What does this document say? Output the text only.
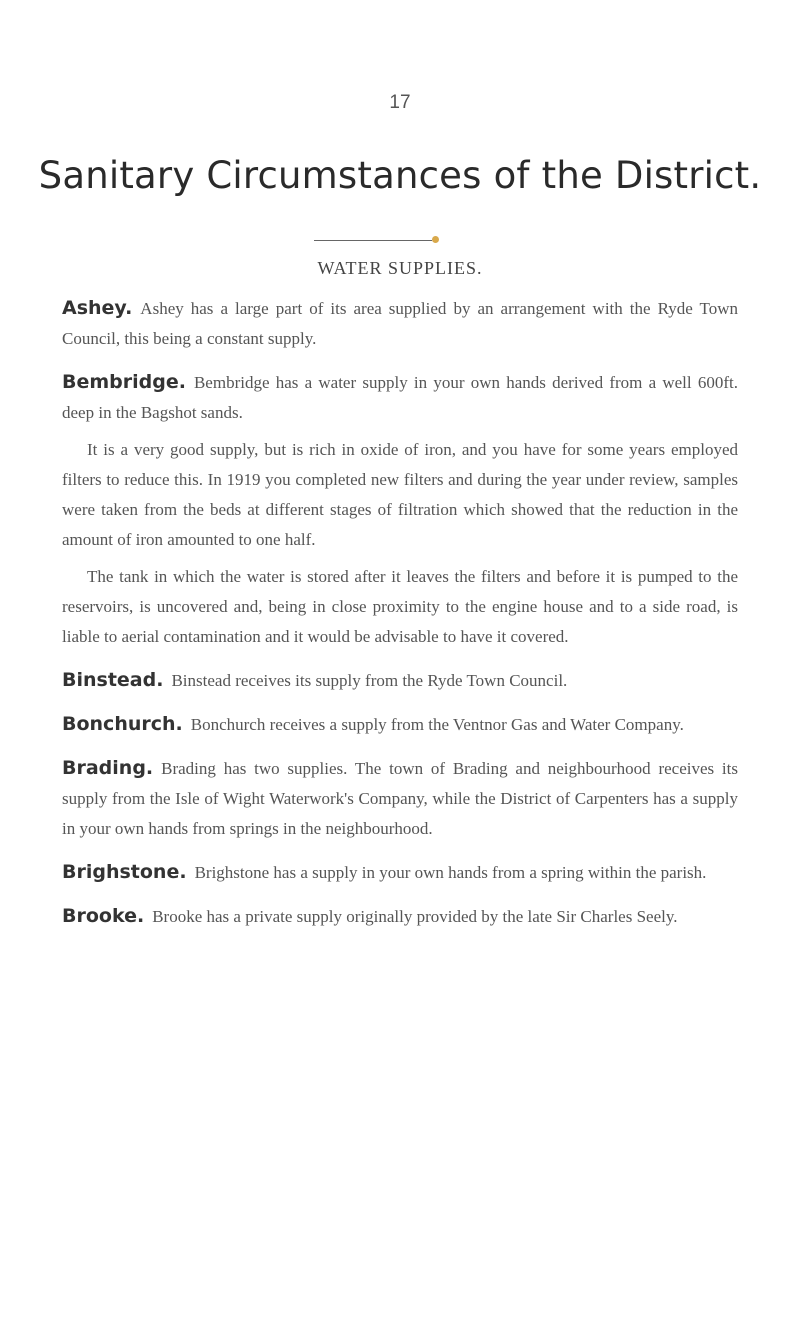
17
Sanitary Circumstances of the District.
WATER SUPPLIES.

Ashey. Ashey has a large part of its area supplied by an arrangement with the Ryde Town Council, this being a constant supply.

Bembridge. Bembridge has a water supply in your own hands derived from a well 600ft. deep in the Bagshot sands.

It is a very good supply, but is rich in oxide of iron, and you have for some years employed filters to reduce this. In 1919 you completed new filters and during the year under review, samples were taken from the beds at different stages of filtration which showed that the reduction in the amount of iron amounted to one half.

The tank in which the water is stored after it leaves the filters and before it is pumped to the reservoirs, is uncovered and, being in close proximity to the engine house and to a side road, is liable to aerial contamination and it would be advisable to have it covered.

Binstead. Binstead receives its supply from the Ryde Town Council.

Bonchurch. Bonchurch receives a supply from the Ventnor Gas and Water Company.

Brading. Brading has two supplies. The town of Brading and neighbourhood receives its supply from the Isle of Wight Waterwork's Company, while the District of Carpenters has a supply in your own hands from springs in the neighbourhood.

Brighstone. Brighstone has a supply in your own hands from a spring within the parish.

Brooke. Brooke has a private supply originally provided by the late Sir Charles Seely.
